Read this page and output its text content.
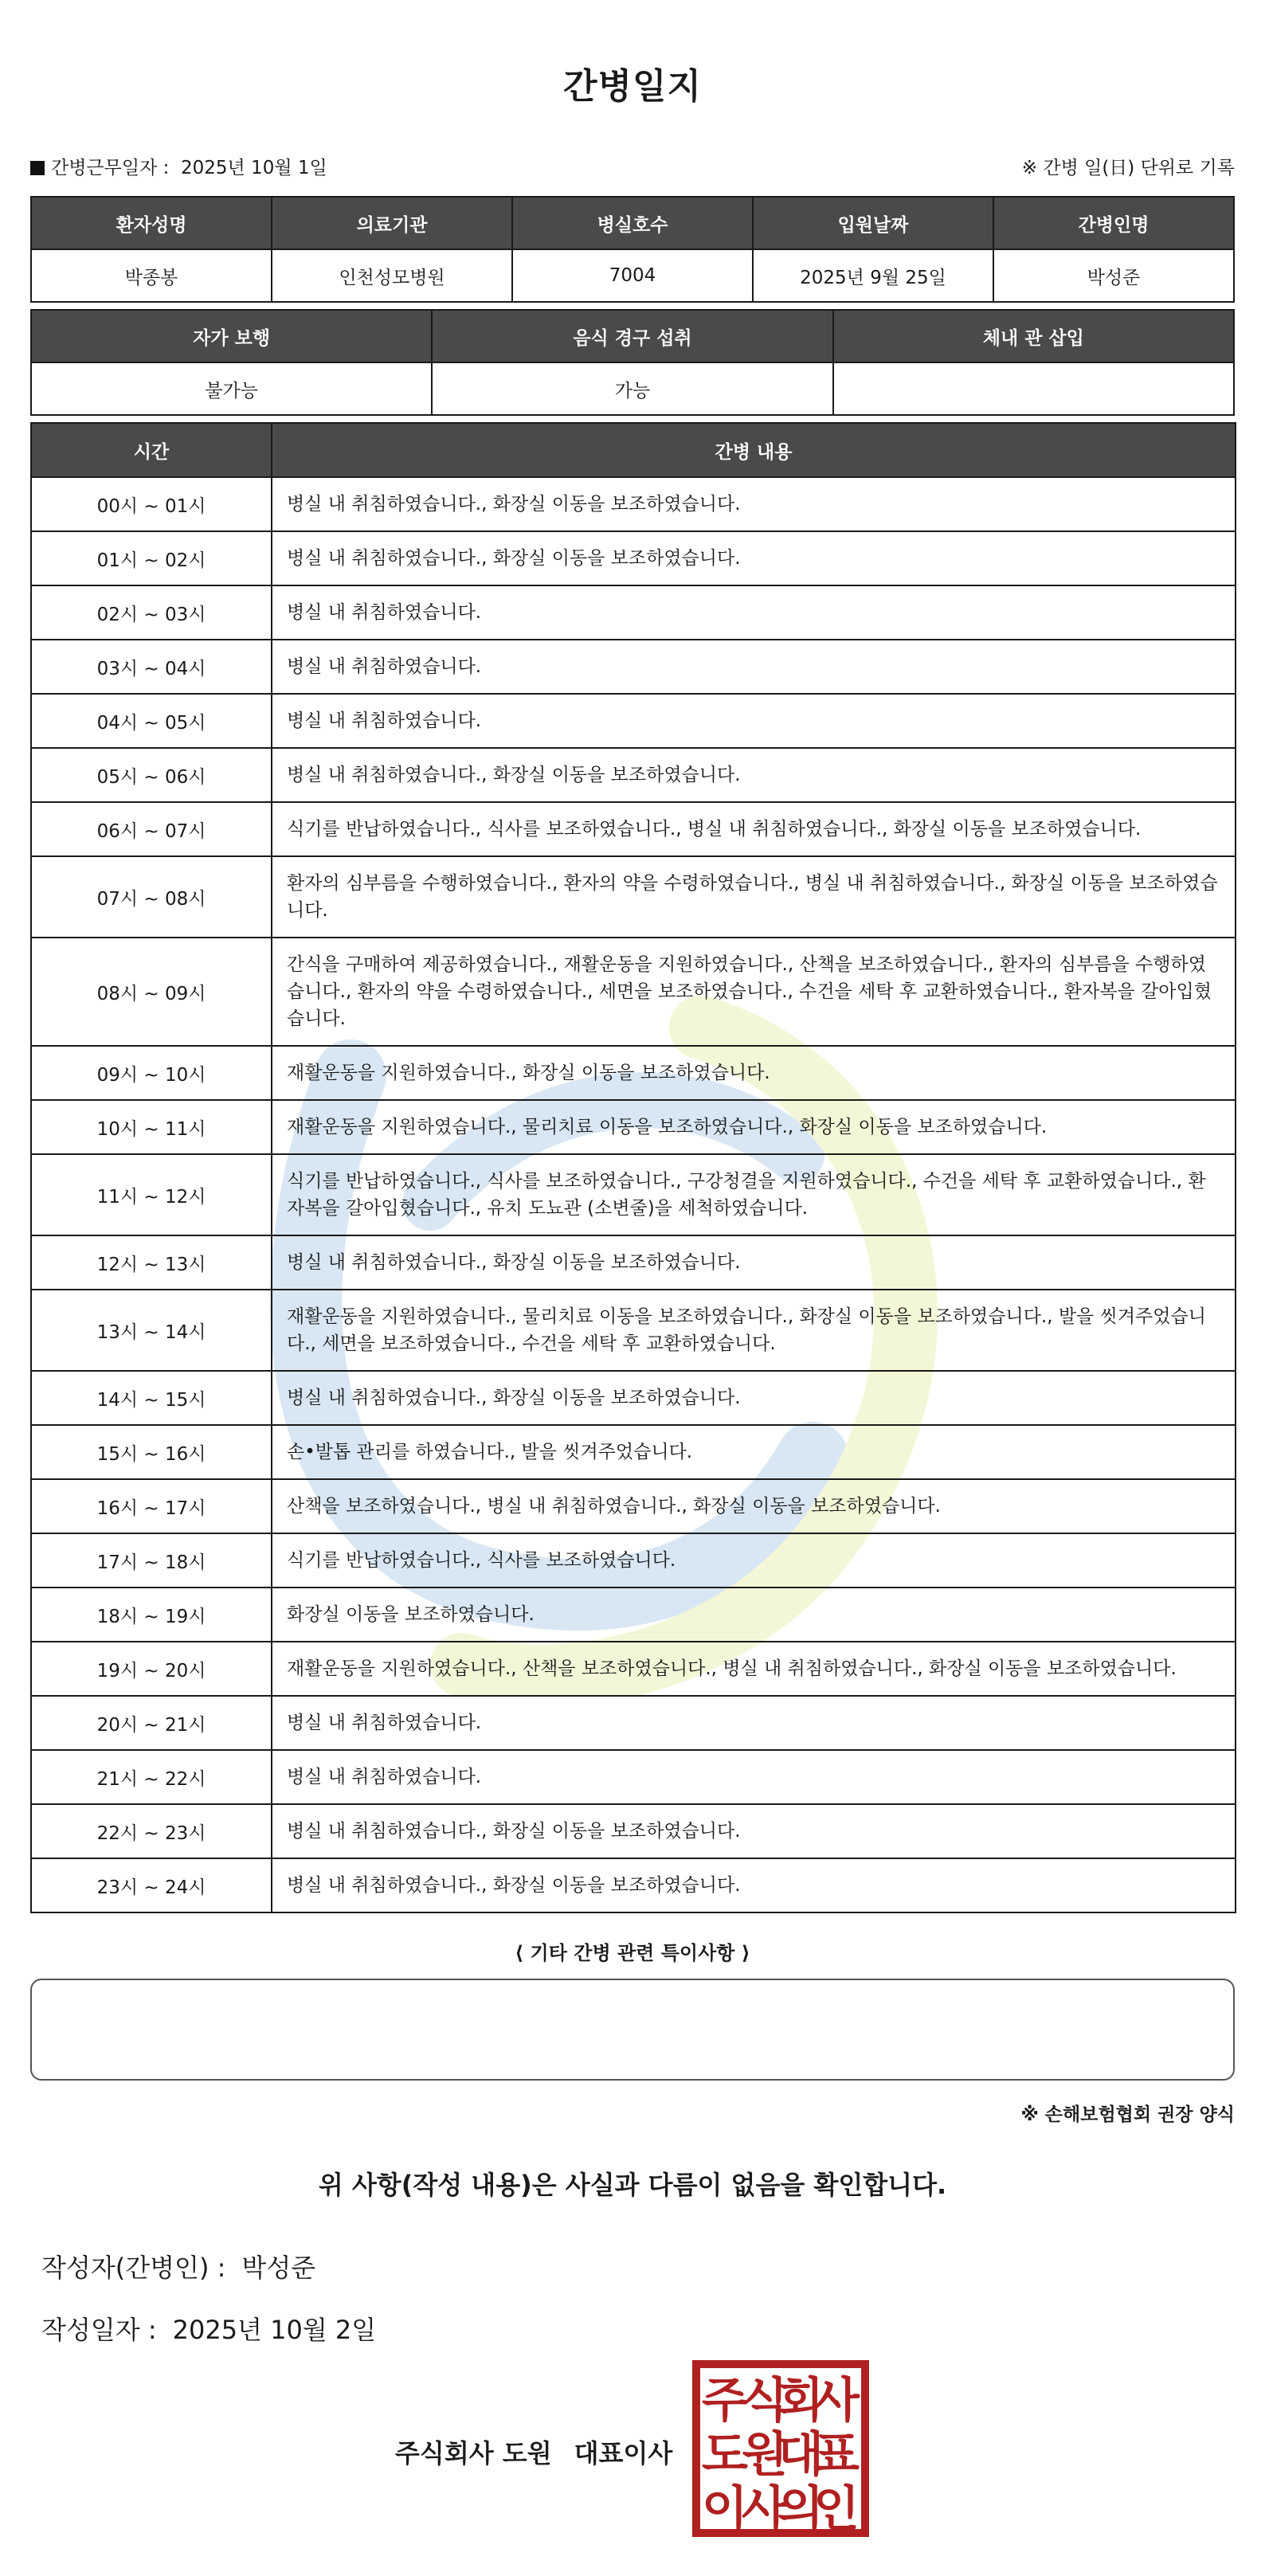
간병일지
간병근무일자 : 2025년 10월 1일	※ 간병 일(日) 단위로 기록
환자성명	의료기관	병실호수	입원날짜	간병인명
박종봉	인천성모병원	7004	2025년 9월 25일	박성준
자가 보행	음식 경구 섭취	체내 관 삽입
불가능	가능	
시간	간병 내용
00시 ~ 01시	병실 내 취침하였습니다., 화장실 이동을 보조하였습니다.
01시 ~ 02시	병실 내 취침하였습니다., 화장실 이동을 보조하였습니다.
02시 ~ 03시	병실 내 취침하였습니다.
03시 ~ 04시	병실 내 취침하였습니다.
04시 ~ 05시	병실 내 취침하였습니다.
05시 ~ 06시	병실 내 취침하였습니다., 화장실 이동을 보조하였습니다.
06시 ~ 07시	식기를 반납하였습니다., 식사를 보조하였습니다., 병실 내 취침하였습니다., 화장실 이동을 보조하였습니다.
07시 ~ 08시	환자의 심부름을 수행하였습니다., 환자의 약을 수령하였습니다., 병실 내 취침하였습니다., 화장실 이동을 보조하였습니다.
08시 ~ 09시	간식을 구매하여 제공하였습니다., 재활운동을 지원하였습니다., 산책을 보조하였습니다., 환자의 심부름을 수행하였습니다., 환자의 약을 수령하였습니다., 세면을 보조하였습니다., 수건을 세탁 후 교환하였습니다., 환자복을 갈아입혔습니다.
09시 ~ 10시	재활운동을 지원하였습니다., 화장실 이동을 보조하였습니다.
10시 ~ 11시	재활운동을 지원하였습니다., 물리치료 이동을 보조하였습니다., 화장실 이동을 보조하였습니다.
11시 ~ 12시	식기를 반납하였습니다., 식사를 보조하였습니다., 구강청결을 지원하였습니다., 수건을 세탁 후 교환하였습니다., 환자복을 갈아입혔습니다., 유치 도뇨관 (소변줄)을 세척하였습니다.
12시 ~ 13시	병실 내 취침하였습니다., 화장실 이동을 보조하였습니다.
13시 ~ 14시	재활운동을 지원하였습니다., 물리치료 이동을 보조하였습니다., 화장실 이동을 보조하였습니다., 발을 씻겨주었습니다., 세면을 보조하였습니다., 수건을 세탁 후 교환하였습니다.
14시 ~ 15시	병실 내 취침하였습니다., 화장실 이동을 보조하였습니다.
15시 ~ 16시	손•발톱 관리를 하였습니다., 발을 씻겨주었습니다.
16시 ~ 17시	산책을 보조하였습니다., 병실 내 취침하였습니다., 화장실 이동을 보조하였습니다.
17시 ~ 18시	식기를 반납하였습니다., 식사를 보조하였습니다.
18시 ~ 19시	화장실 이동을 보조하였습니다.
19시 ~ 20시	재활운동을 지원하였습니다., 산책을 보조하였습니다., 병실 내 취침하였습니다., 화장실 이동을 보조하였습니다.
20시 ~ 21시	병실 내 취침하였습니다.
21시 ~ 22시	병실 내 취침하였습니다.
22시 ~ 23시	병실 내 취침하였습니다., 화장실 이동을 보조하였습니다.
23시 ~ 24시	병실 내 취침하였습니다., 화장실 이동을 보조하였습니다.
⟨ 기타 간병 관련 특이사항 ⟩
※ 손해보험협회 권장 양식
위 사항(작성 내용)은 사실과 다름이 없음을 확인합니다.
작성자(간병인) : 박성준
작성일자 : 2025년 10월 2일
주식회사 도원 대표이사
주
식
회
사
도
원
대
표
이
사
의
인
